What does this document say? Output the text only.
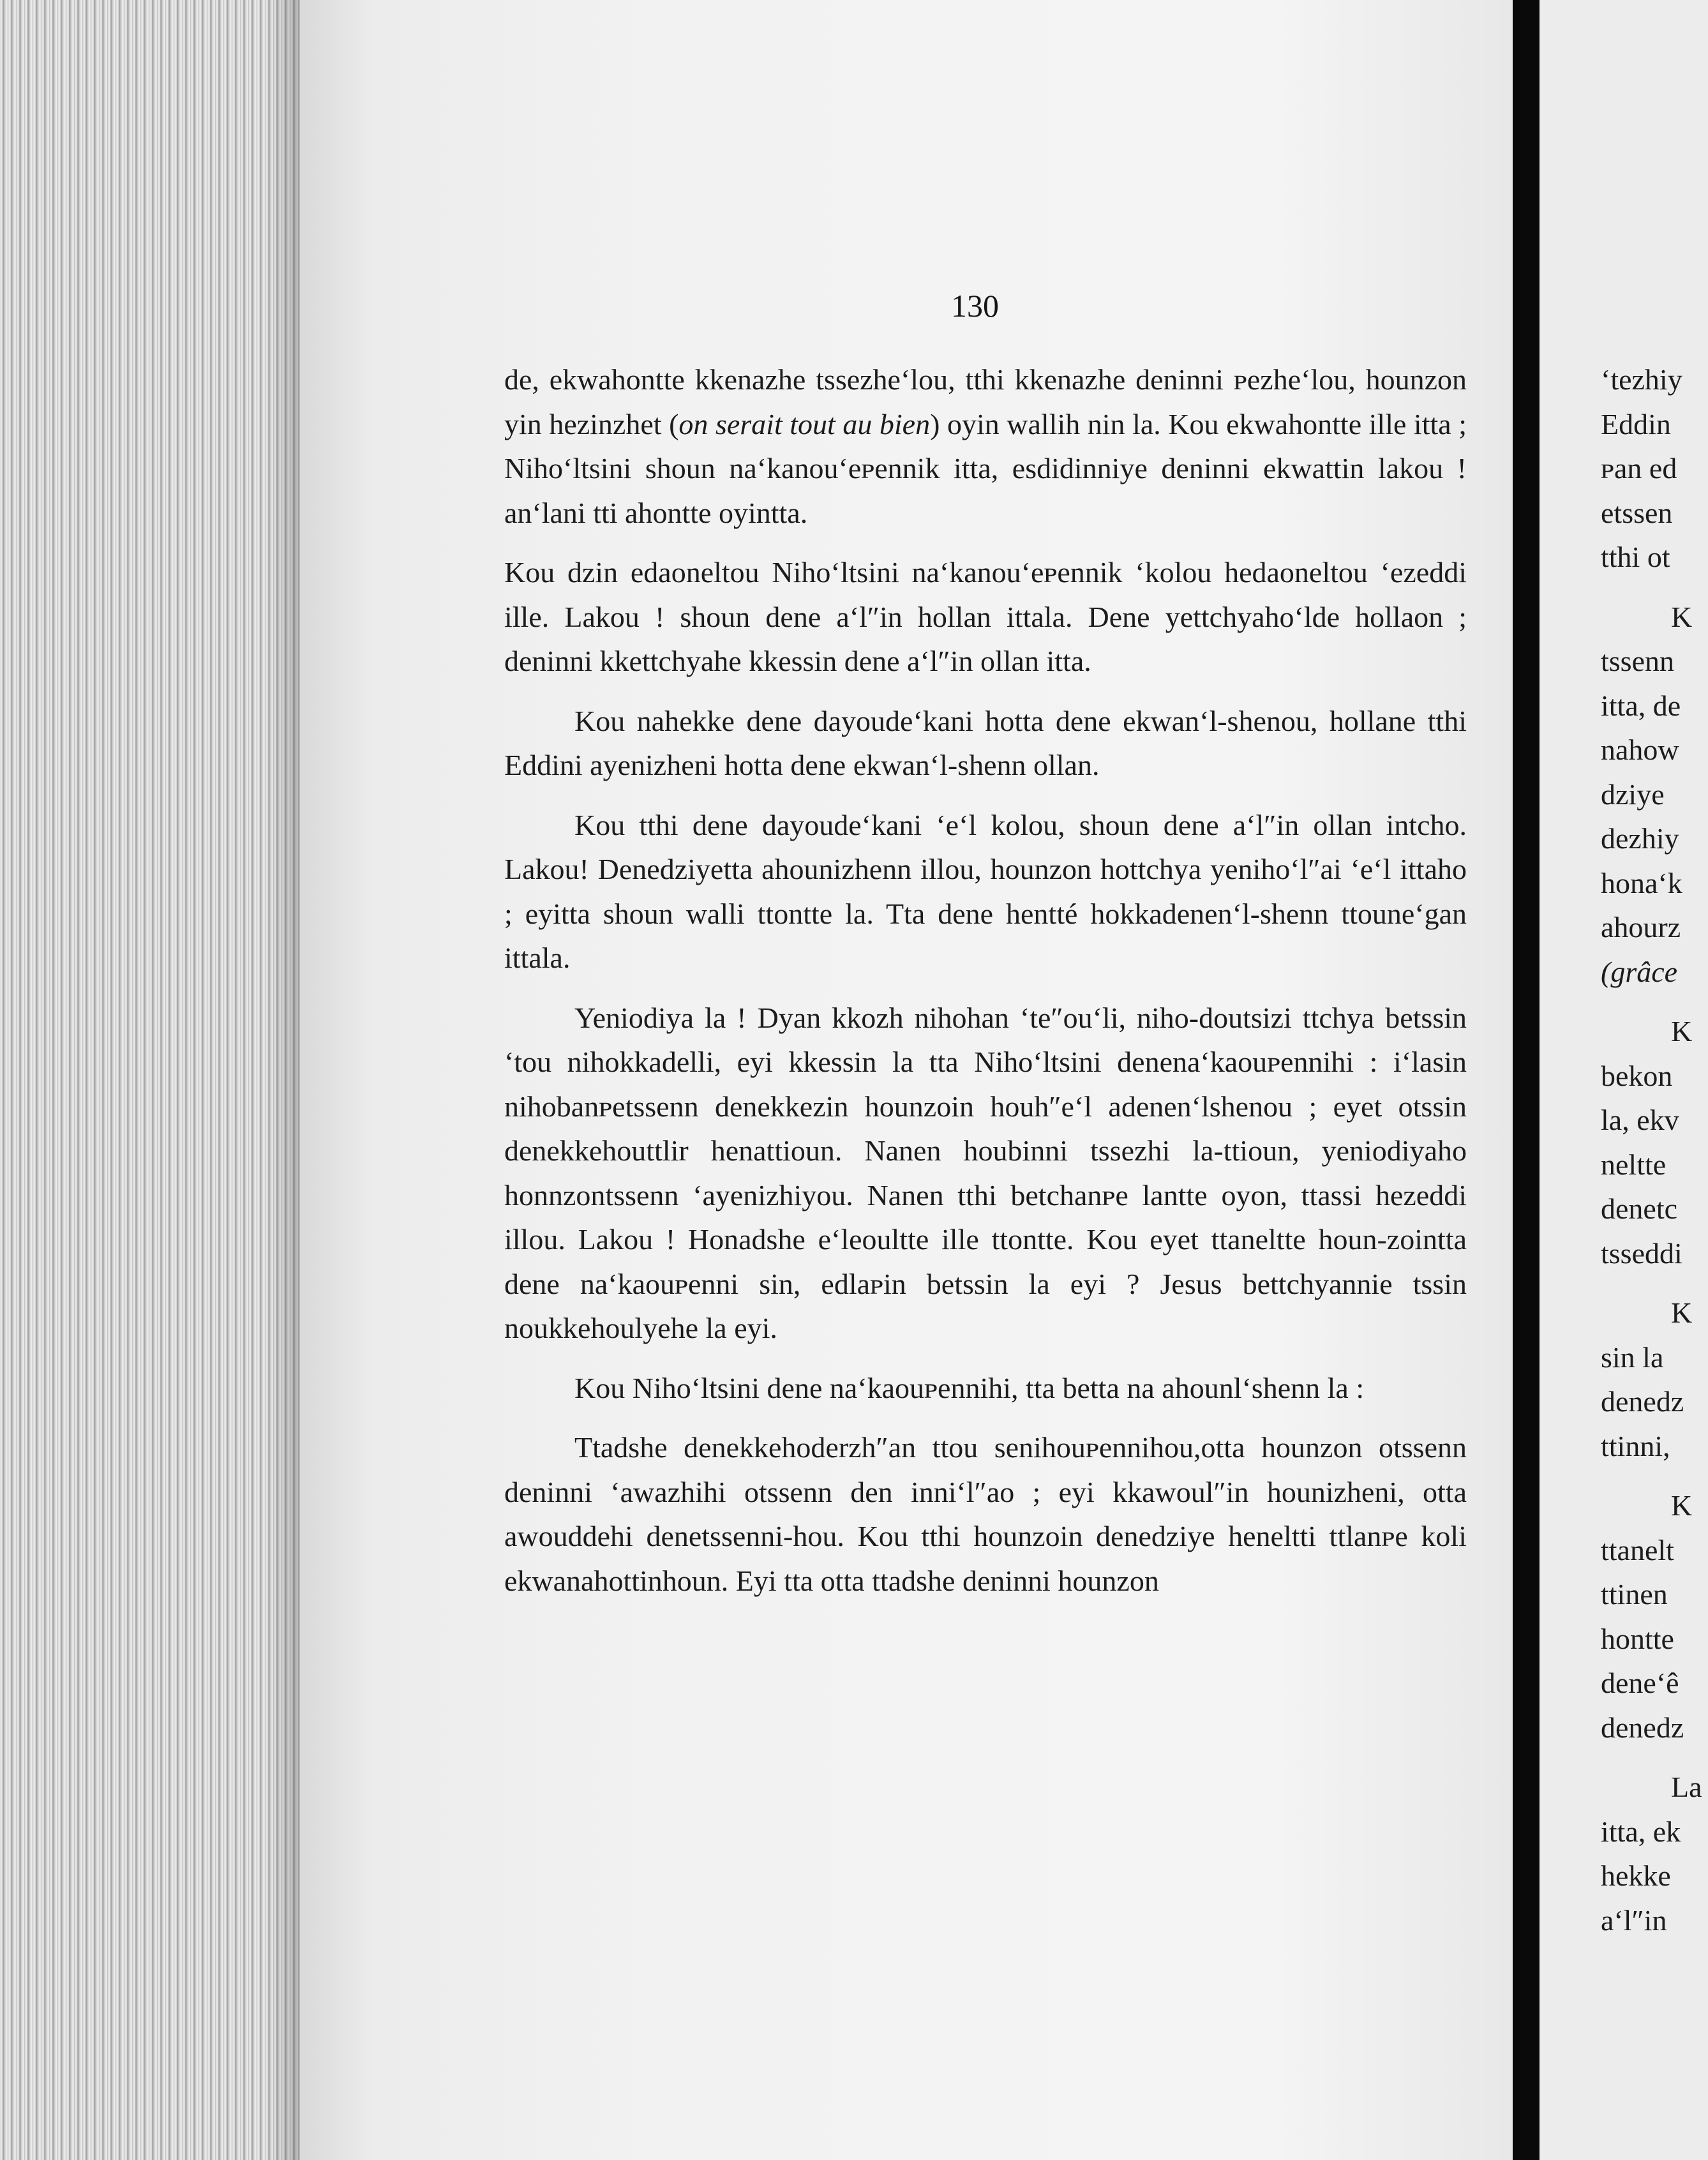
130

de, ekwahontte kkenazhe tssezhe‘lou, tthi kkenazhe deninni ᴘezhe‘lou, hounzon yin hezinzhet (on serait tout au bien) oyin wallih nin la. Kou ekwahontte ille itta ; Niho‘ltsini shoun na‘kanou‘eᴘennik itta, esdidinniye deninni ekwattin lakou ! an‘lani tti ahontte oyintta.

Kou dzin edaoneltou Niho‘ltsini na‘kanou‘eᴘennik ‘kolou hedaoneltou ‘ezeddi ille. Lakou ! shoun dene a‘l″in hollan ittala. Dene yettchyaho‘lde hollaon ; deninni kkettchyahe kkessin dene a‘l″in ollan itta.

Kou nahekke dene dayoude‘kani hotta dene ekwan‘l-shenou, hollane tthi Eddini ayenizheni hotta dene ekwan‘l-shenn ollan.

Kou tthi dene dayoude‘kani ‘e‘l kolou, shoun dene a‘l″in ollan intcho. Lakou! Denedziyetta ahounizhenn illou, hounzon hottchya yeniho‘l″ai ‘e‘l ittaho ; eyitta shoun walli ttontte la. Tta dene hentté hokkadenen‘l-shenn ttoune‘gan ittala.

Yeniodiya la ! Dyan kkozh nihohan ‘te″ou‘li, niho-doutsizi ttchya betssin ‘tou nihokkadelli, eyi kkessin la tta Niho‘ltsini denena‘kaouᴘennihi : i‘lasin nihobanᴘetssenn denekkezin hounzoin houh″e‘l adenen‘lshenou ; eyet otssin denekkehouttlir henattioun. Nanen houbinni tssezhi la-ttioun, yeniodiyaho honnzontssenn ‘ayenizhiyou. Nanen tthi betchanᴘe lantte oyon, ttassi hezeddi illou. Lakou ! Honadshe e‘leoultte ille ttontte. Kou eyet ttaneltte houn-zointta dene na‘kaouᴘenni sin, edlaᴘin betssin la eyi ? Jesus bettchyannie tssin noukkehoulyehe la eyi.

Kou Niho‘ltsini dene na‘kaouᴘennihi, tta betta na ahounl‘shenn la :

Ttadshe denekkehoderzh″an ttou senihouᴘennihou,otta hounzon otssenn deninni ‘awazhihi otssenn den inni‘l″ao ; eyi kkawoul″in hounizheni, otta awouddehi denetssenni-hou. Kou tthi hounzoin denedziye heneltti ttlanᴘe koli ekwanahottinhoun. Eyi tta otta ttadshe deninni hounzon

‘tezhiy
Eddin
ᴘan ed
etssen
tthi ot
K
tssenn
itta, de
nahow
dziye
dezhiy
hona‘k
ahourz
(grâce
K
bekon
la, ekv
neltte
denetc
tsseddi
K
sin la
denedz
ttinni,
K
ttanelt
ttinen
hontte
dene‘ê
denedz
La
itta, ek
hekke
a‘l″in
